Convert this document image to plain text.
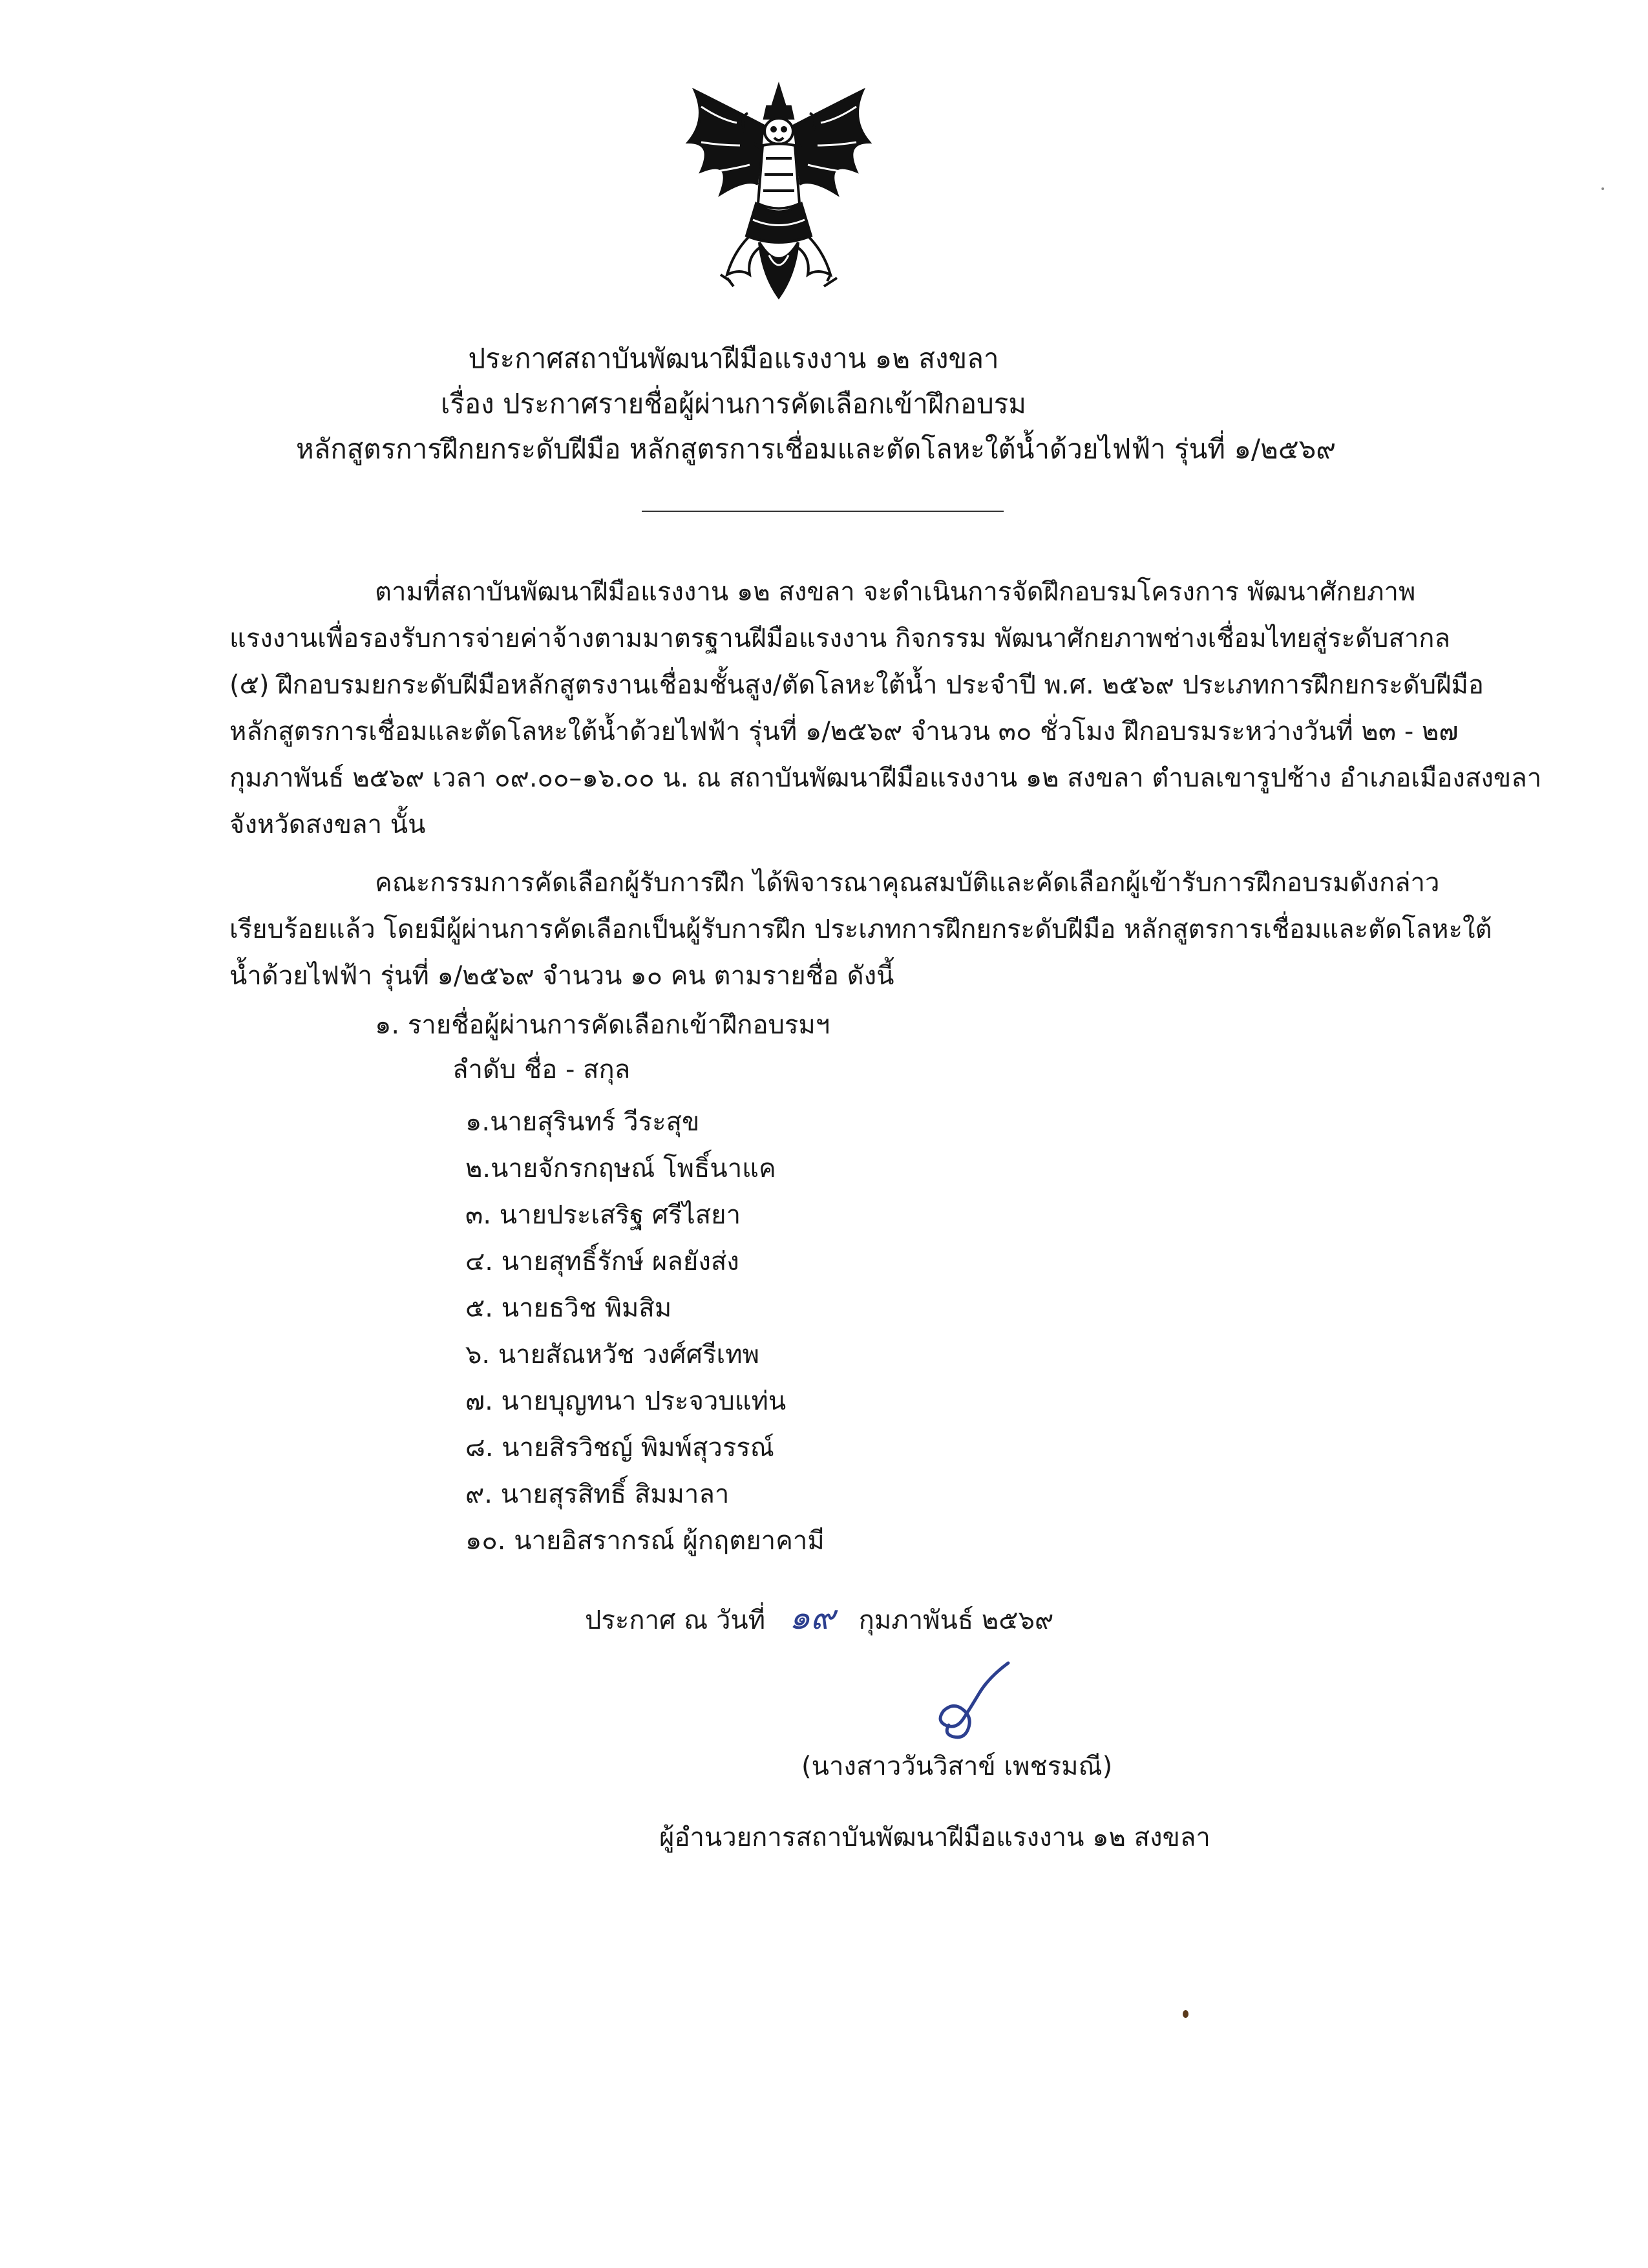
ประกาศสถาบันพัฒนาฝีมือแรงงาน ๑๒ สงขลา
เรื่อง ประกาศรายชื่อผู้ผ่านการคัดเลือกเข้าฝึกอบรม
หลักสูตรการฝึกยกระดับฝีมือ หลักสูตรการเชื่อมและตัดโลหะใต้น้ำด้วยไฟฟ้า รุ่นที่ ๑/๒๕๖๙
ตามที่สถาบันพัฒนาฝีมือแรงงาน ๑๒ สงขลา จะดำเนินการจัดฝึกอบรมโครงการ พัฒนาศักยภาพ
แรงงานเพื่อรองรับการจ่ายค่าจ้างตามมาตรฐานฝีมือแรงงาน กิจกรรม พัฒนาศักยภาพช่างเชื่อมไทยสู่ระดับสากล
(๕) ฝึกอบรมยกระดับฝีมือหลักสูตรงานเชื่อมชั้นสูง/ตัดโลหะใต้น้ำ ประจำปี พ.ศ. ๒๕๖๙ ประเภทการฝึกยกระดับฝีมือ
หลักสูตรการเชื่อมและตัดโลหะใต้น้ำด้วยไฟฟ้า รุ่นที่ ๑/๒๕๖๙ จำนวน ๓๐ ชั่วโมง ฝึกอบรมระหว่างวันที่ ๒๓ - ๒๗
กุมภาพันธ์ ๒๕๖๙ เวลา ๐๙.๐๐–๑๖.๐๐ น. ณ สถาบันพัฒนาฝีมือแรงงาน ๑๒ สงขลา ตำบลเขารูปช้าง อำเภอเมืองสงขลา
จังหวัดสงขลา นั้น
คณะกรรมการคัดเลือกผู้รับการฝึก ได้พิจารณาคุณสมบัติและคัดเลือกผู้เข้ารับการฝึกอบรมดังกล่าว
เรียบร้อยแล้ว โดยมีผู้ผ่านการคัดเลือกเป็นผู้รับการฝึก ประเภทการฝึกยกระดับฝีมือ หลักสูตรการเชื่อมและตัดโลหะใต้
น้ำด้วยไฟฟ้า รุ่นที่ ๑/๒๕๖๙ จำนวน ๑๐ คน ตามรายชื่อ ดังนี้
๑. รายชื่อผู้ผ่านการคัดเลือกเข้าฝึกอบรมฯ
ลำดับ ชื่อ - สกุล
๑.นายสุรินทร์ วีระสุข
๒.นายจักรกฤษณ์ โพธิ์นาแค
๓. นายประเสริฐ ศรีไสยา
๔. นายสุทธิ์รักษ์ ผลยังส่ง
๕. นายธวิช พิมสิม
๖. นายสัณหวัช วงศ์ศรีเทพ
๗. นายบุญทนา ประจวบแท่น
๘. นายสิรวิชญ์ พิมพ์สุวรรณ์
๙. นายสุรสิทธิ์ สิมมาลา
๑๐. นายอิสรากรณ์ ผู้กฤตยาคามี
ประกาศ ณ วันที่ ๑๙ กุมภาพันธ์ ๒๕๖๙
(นางสาววันวิสาข์ เพชรมณี)
ผู้อำนวยการสถาบันพัฒนาฝีมือแรงงาน ๑๒ สงขลา
